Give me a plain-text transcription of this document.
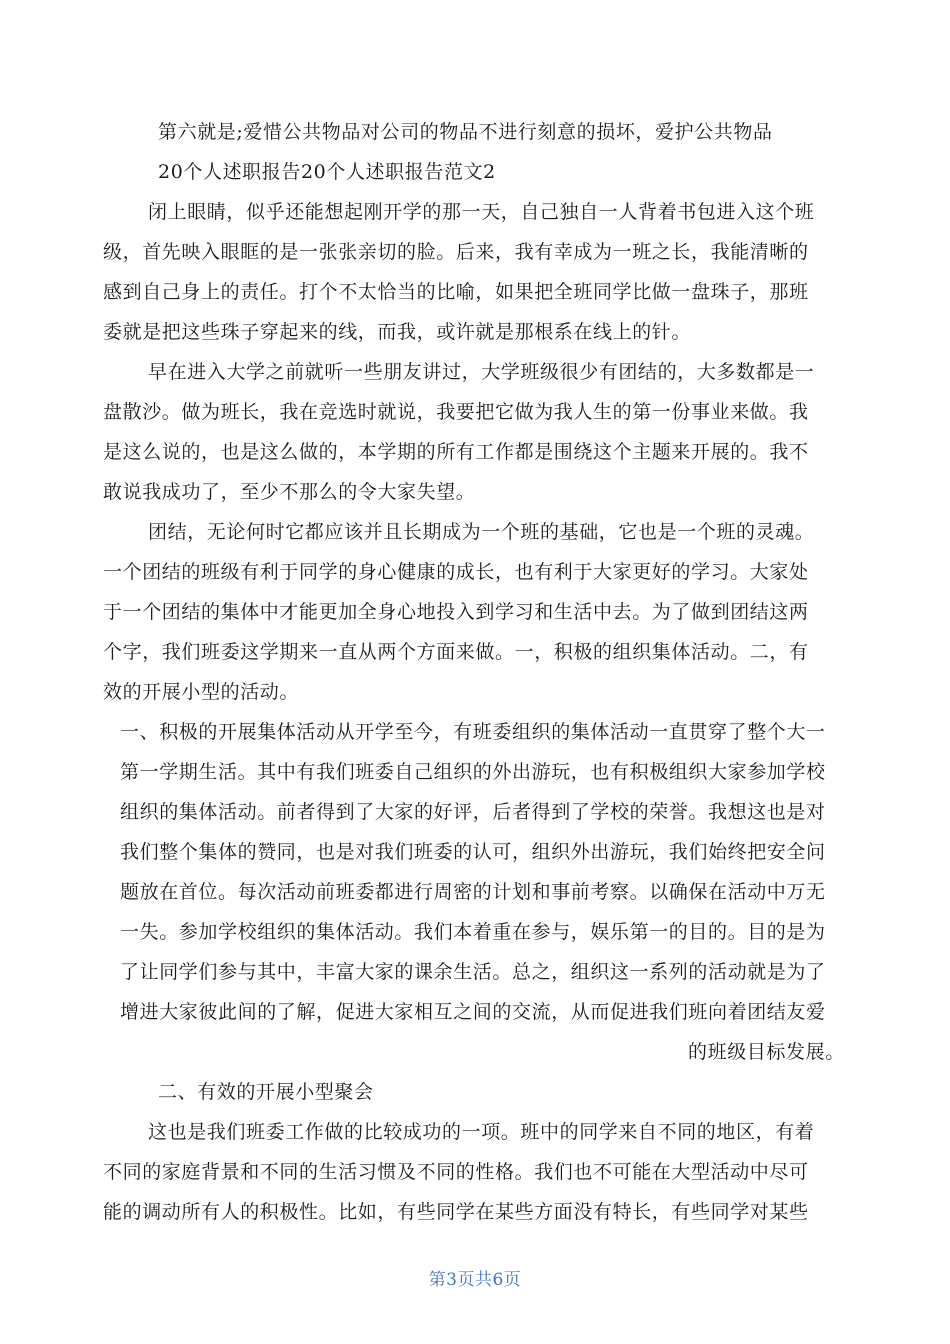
第六就是;爱惜公共物品对公司的物品不进行刻意的损坏，爱护公共物品
20个人述职报告20个人述职报告范文2
闭上眼睛，似乎还能想起刚开学的那一天，自己独自一人背着书包进入这个班
级，首先映入眼眶的是一张张亲切的脸。后来，我有幸成为一班之长，我能清晰的
感到自己身上的责任。打个不太恰当的比喻，如果把全班同学比做一盘珠子，那班
委就是把这些珠子穿起来的线，而我，或许就是那根系在线上的针。
早在进入大学之前就听一些朋友讲过，大学班级很少有团结的，大多数都是一
盘散沙。做为班长，我在竞选时就说，我要把它做为我人生的第一份事业来做。我
是这么说的，也是这么做的，本学期的所有工作都是围绕这个主题来开展的。我不
敢说我成功了，至少不那么的令大家失望。
团结，无论何时它都应该并且长期成为一个班的基础，它也是一个班的灵魂。
一个团结的班级有利于同学的身心健康的成长，也有利于大家更好的学习。大家处
于一个团结的集体中才能更加全身心地投入到学习和生活中去。为了做到团结这两
个字，我们班委这学期来一直从两个方面来做。一，积极的组织集体活动。二，有
效的开展小型的活动。
一、积极的开展集体活动从开学至今，有班委组织的集体活动一直贯穿了整个大一
第一学期生活。其中有我们班委自己组织的外出游玩，也有积极组织大家参加学校
组织的集体活动。前者得到了大家的好评，后者得到了学校的荣誉。我想这也是对
我们整个集体的赞同，也是对我们班委的认可，组织外出游玩，我们始终把安全问
题放在首位。每次活动前班委都进行周密的计划和事前考察。以确保在活动中万无
一失。参加学校组织的集体活动。我们本着重在参与，娱乐第一的目的。目的是为
了让同学们参与其中，丰富大家的课余生活。总之，组织这一系列的活动就是为了
增进大家彼此间的了解，促进大家相互之间的交流，从而促进我们班向着团结友爱
的班级目标发展。
二、有效的开展小型聚会
这也是我们班委工作做的比较成功的一项。班中的同学来自不同的地区，有着
不同的家庭背景和不同的生活习惯及不同的性格。我们也不可能在大型活动中尽可
能的调动所有人的积极性。比如，有些同学在某些方面没有特长，有些同学对某些
第3页共6页
